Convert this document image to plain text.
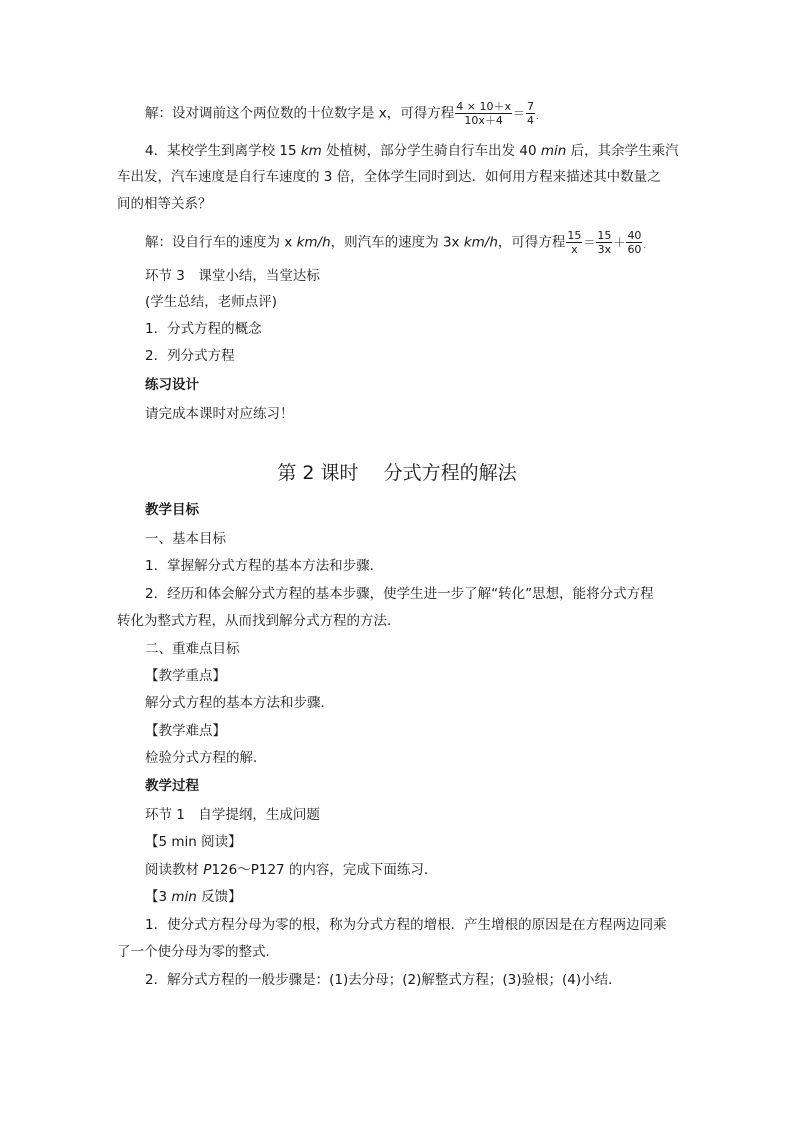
解：设对调前这个两位数的十位数字是 x，可得方程 $\frac{4 \times 10+x}{10x+4} = \frac{7}{4}$ .
4．某校学生到离学校 15 km 处植树，部分学生骑自行车出发 40 min 后，其余学生乘汽
车出发，汽车速度是自行车速度的 3 倍，全体学生同时到达．如何用方程来描述其中数量之
间的相等关系？
解：设自行车的速度为 x km/h，则汽车的速度为 3x km/h，可得方程 $\frac{15}{x} = \frac{15}{3x} + \frac{40}{60}$ .
环节 3　课堂小结，当堂达标
(学生总结，老师点评)
1．分式方程的概念
2．列分式方程
练习设计
请完成本课时对应练习！
第 2 课时　 分式方程的解法
教学目标
一、基本目标
1．掌握解分式方程的基本方法和步骤．
2．经历和体会解分式方程的基本步骤，使学生进一步了解“转化”思想，能将分式方程
转化为整式方程，从而找到解分式方程的方法．
二、重难点目标
【教学重点】
解分式方程的基本方法和步骤．
【教学难点】
检验分式方程的解．
教学过程
环节 1　自学提纲，生成问题
【5 min 阅读】
阅读教材 P126～P127 的内容，完成下面练习．
【3 min 反馈】
1．使分式方程分母为零的根，称为分式方程的增根．产生增根的原因是在方程两边同乘
了一个使分母为零的整式．
2．解分式方程的一般步骤是：(1)去分母；(2)解整式方程；(3)验根；(4)小结．
